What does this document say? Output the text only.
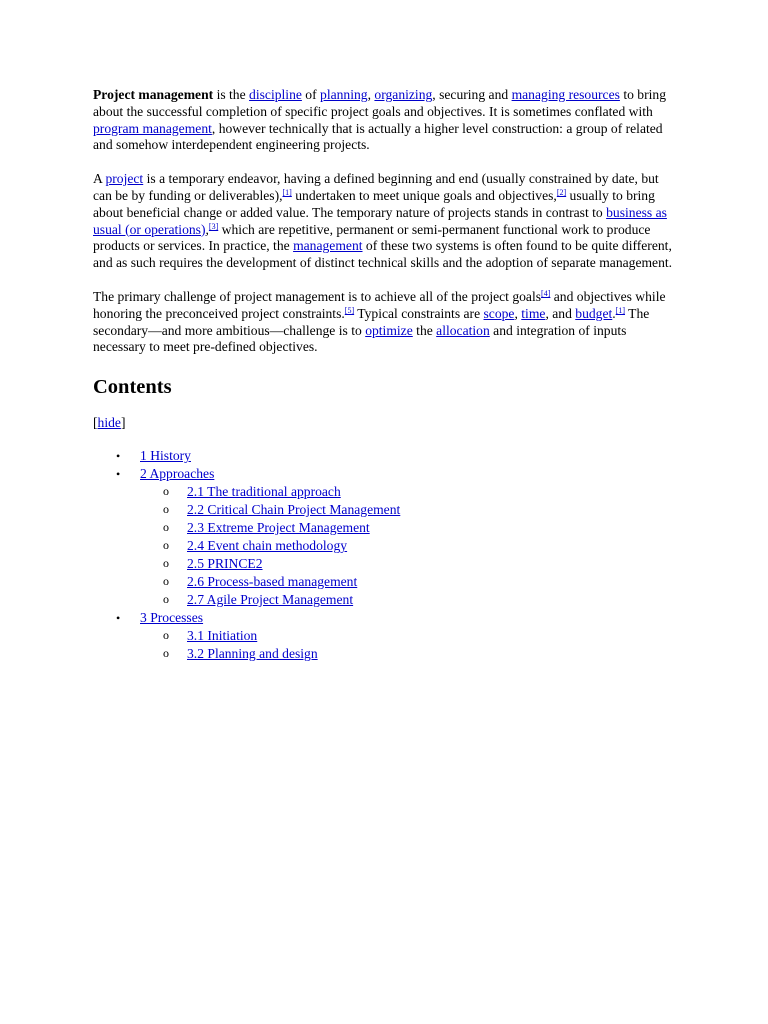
Project management is the discipline of planning, organizing, securing and managing resources to bring about the successful completion of specific project goals and objectives. It is sometimes conflated with program management, however technically that is actually a higher level construction: a group of related and somehow interdependent engineering projects.

A project is a temporary endeavor, having a defined beginning and end (usually constrained by date, but can be by funding or deliverables),[1] undertaken to meet unique goals and objectives,[2] usually to bring about beneficial change or added value. The temporary nature of projects stands in contrast to business as usual (or operations),[3] which are repetitive, permanent or semi-permanent functional work to produce products or services. In practice, the management of these two systems is often found to be quite different, and as such requires the development of distinct technical skills and the adoption of separate management.

The primary challenge of project management is to achieve all of the project goals[4] and objectives while honoring the preconceived project constraints.[5] Typical constraints are scope, time, and budget.[1] The secondary—and more ambitious—challenge is to optimize the allocation and integration of inputs necessary to meet pre-defined objectives.

Contents
[hide]
• 1 History
• 2 Approaches
o 2.1 The traditional approach
o 2.2 Critical Chain Project Management
o 2.3 Extreme Project Management
o 2.4 Event chain methodology
o 2.5 PRINCE2
o 2.6 Process-based management
o 2.7 Agile Project Management
• 3 Processes
o 3.1 Initiation
o 3.2 Planning and design
